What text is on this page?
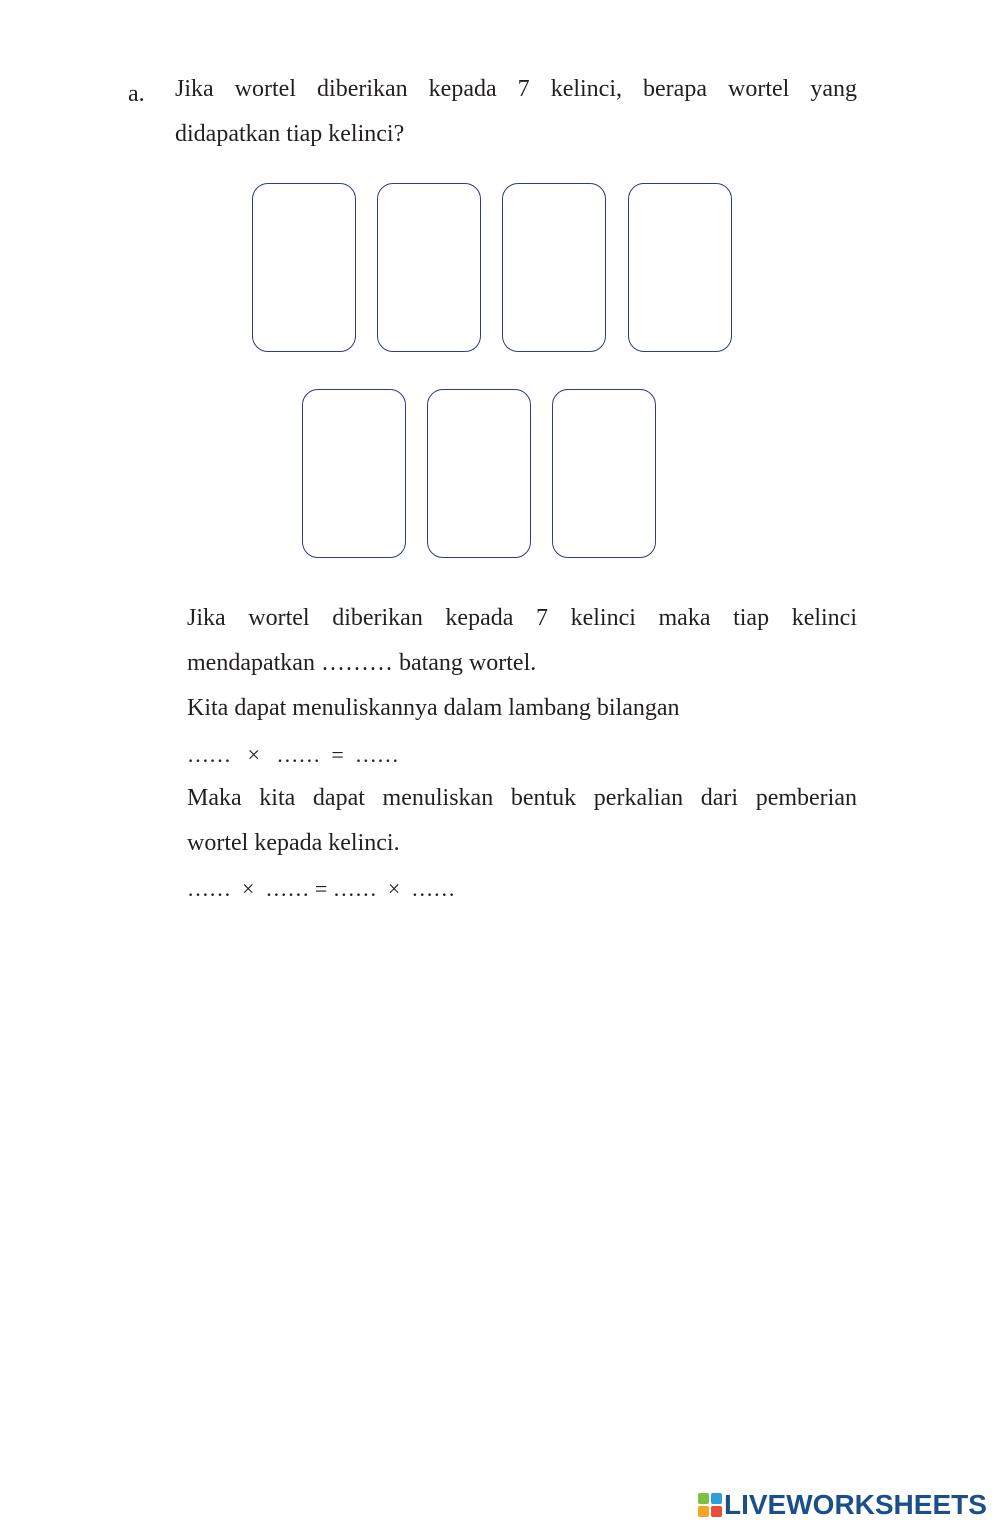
a. Jika wortel diberikan kepada 7 kelinci, berapa wortel yang
didapatkan tiap kelinci?
Jika wortel diberikan kepada 7 kelinci maka tiap kelinci
mendapatkan ……… batang wortel.
Kita dapat menuliskannya dalam lambang bilangan
……   ×   ……  =  ……
Maka kita dapat menuliskan bentuk perkalian dari pemberian
wortel kepada kelinci.
……  ×  …… = ……  ×  ……
LIVEWORKSHEETS
